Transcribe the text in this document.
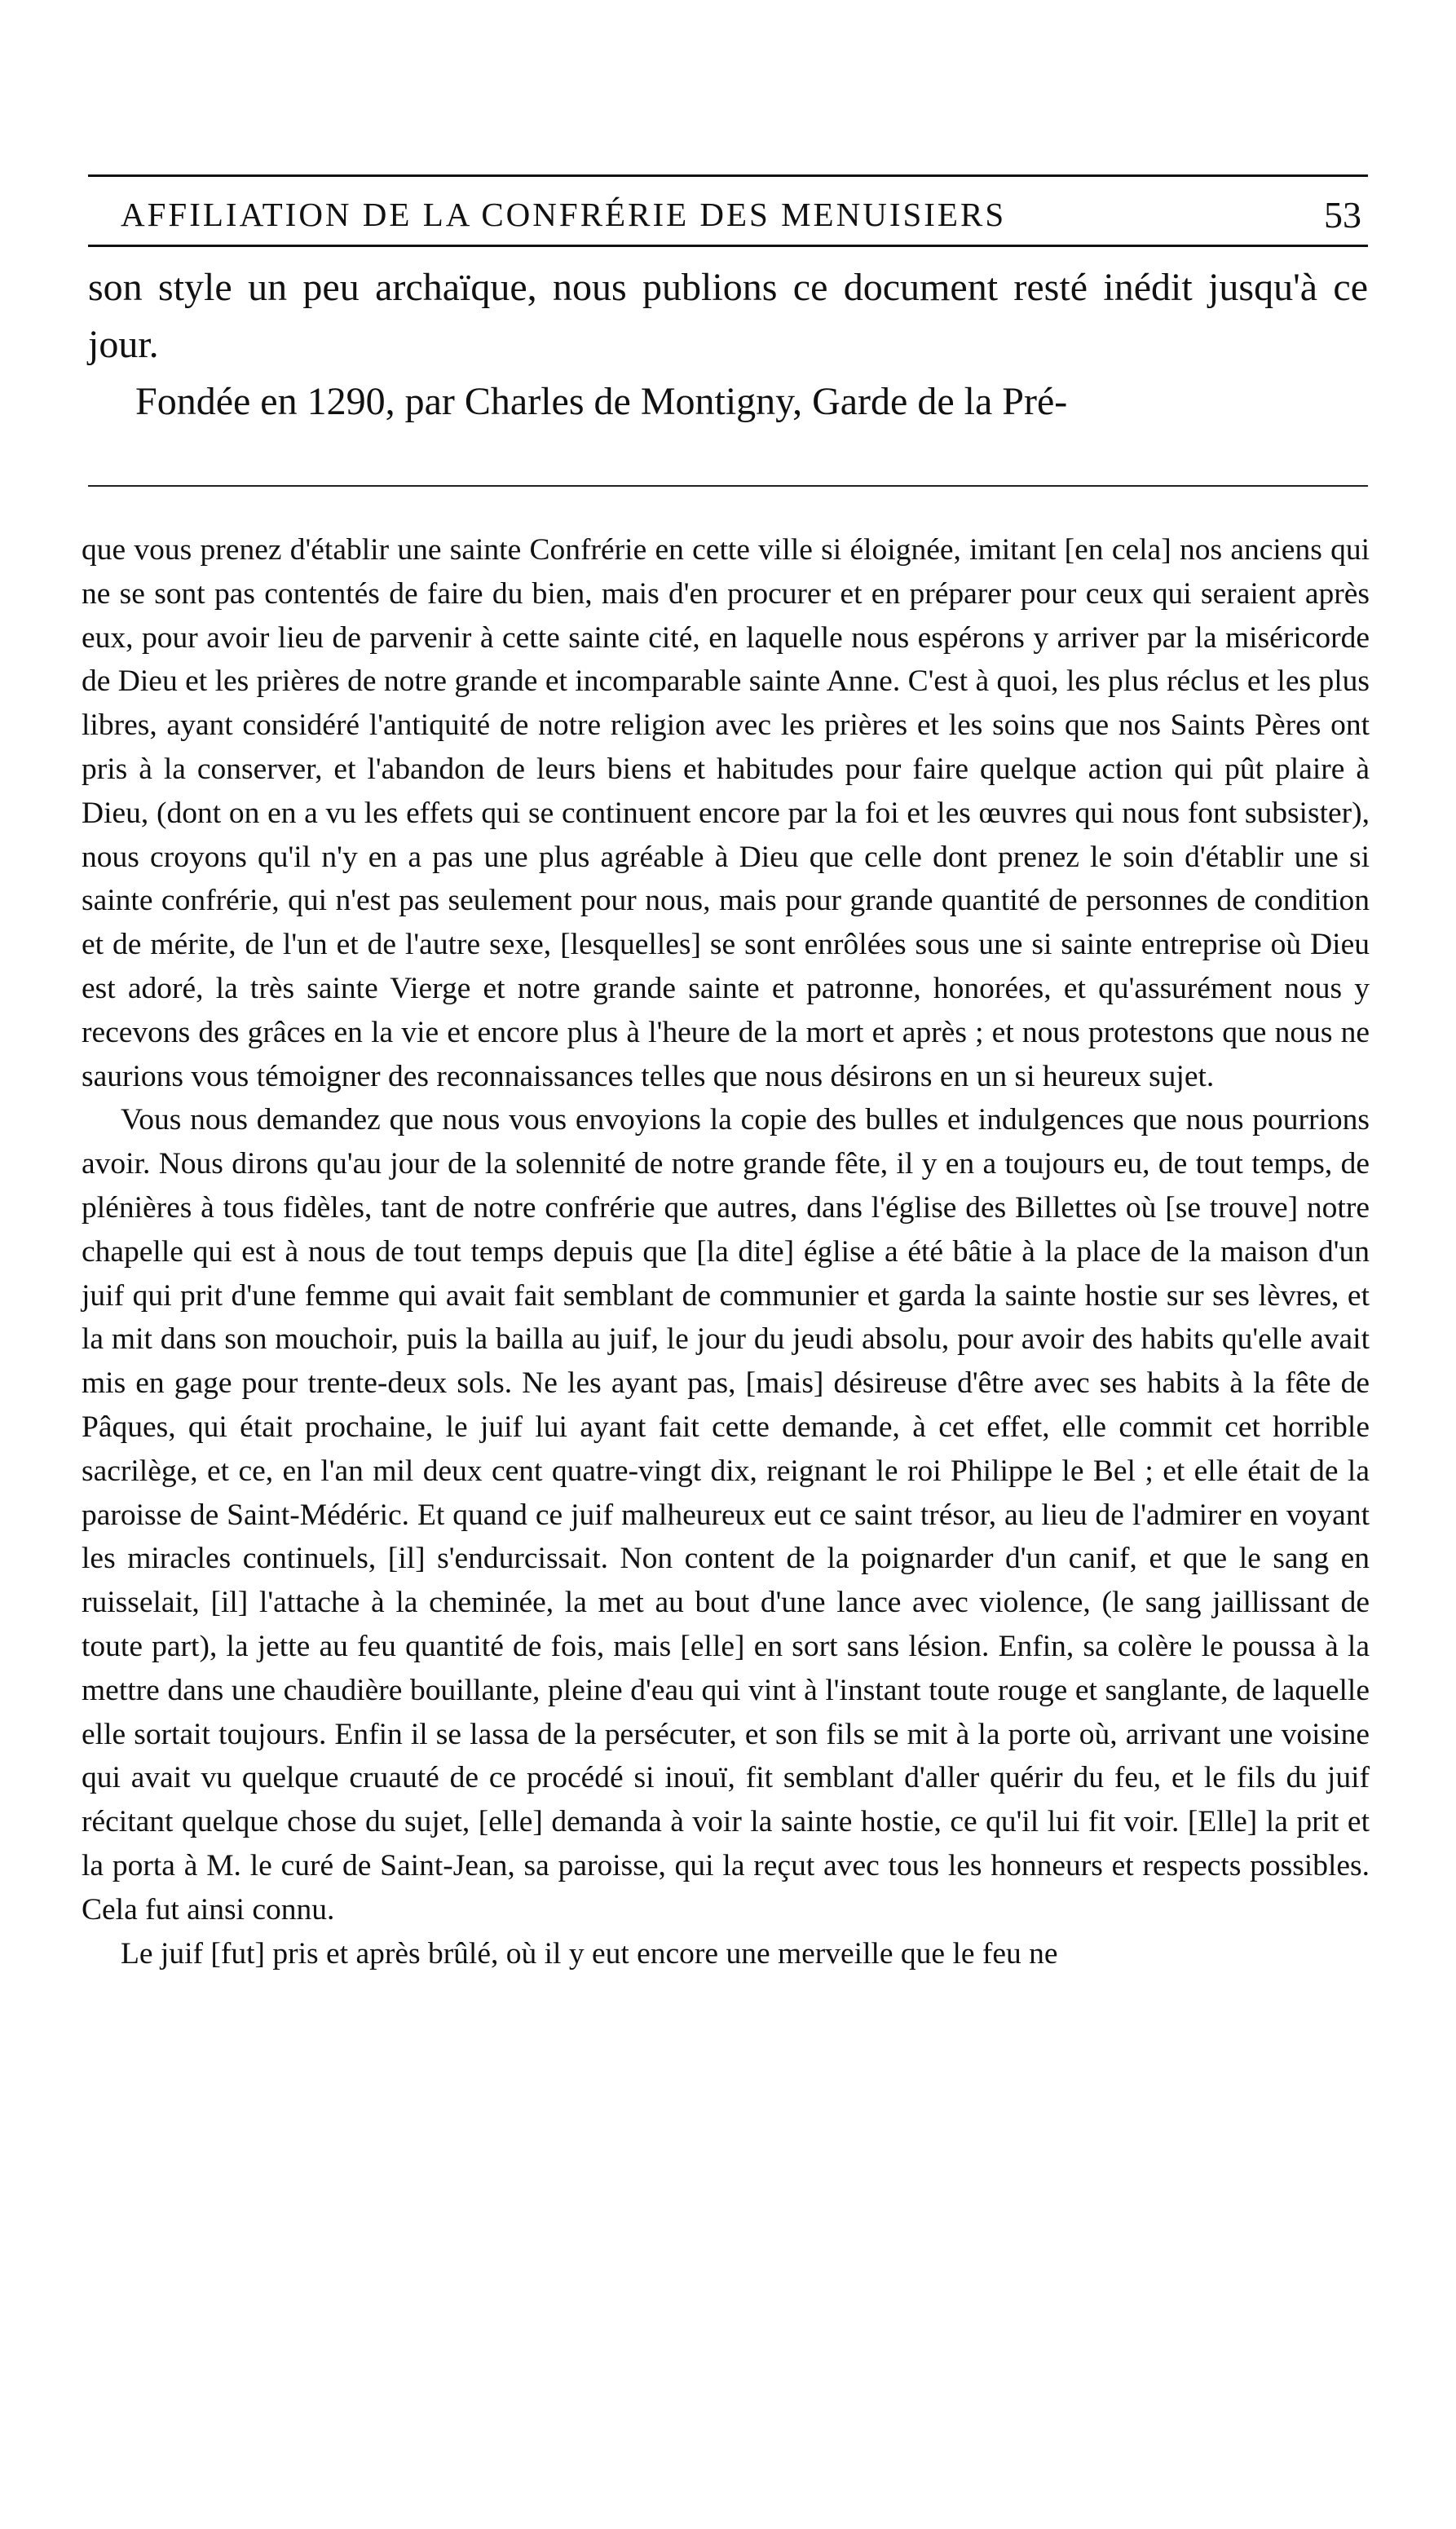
AFFILIATION DE LA CONFRÉRIE DES MENUISIERS	53

son style un peu archaïque, nous publions ce document resté inédit jusqu'à ce jour.

Fondée en 1290, par Charles de Montigny, Garde de la Pré-

que vous prenez d'établir une sainte Confrérie en cette ville si éloignée, imitant [en cela] nos anciens qui ne se sont pas contentés de faire du bien, mais d'en procurer et en préparer pour ceux qui seraient après eux, pour avoir lieu de parvenir à cette sainte cité, en laquelle nous espérons y arriver par la miséricorde de Dieu et les prières de notre grande et incomparable sainte Anne. C'est à quoi, les plus réclus et les plus libres, ayant considéré l'antiquité de notre religion avec les prières et les soins que nos Saints Pères ont pris à la conserver, et l'abandon de leurs biens et habitudes pour faire quelque action qui pût plaire à Dieu, (dont on en a vu les effets qui se continuent encore par la foi et les œuvres qui nous font subsister), nous croyons qu'il n'y en a pas une plus agréable à Dieu que celle dont prenez le soin d'établir une si sainte confrérie, qui n'est pas seulement pour nous, mais pour grande quantité de personnes de condition et de mérite, de l'un et de l'autre sexe, [lesquelles] se sont enrôlées sous une si sainte entreprise où Dieu est adoré, la très sainte Vierge et notre grande sainte et patronne, honorées, et qu'assurément nous y recevons des grâces en la vie et encore plus à l'heure de la mort et après ; et nous protestons que nous ne saurions vous témoigner des reconnaissances telles que nous désirons en un si heureux sujet.

Vous nous demandez que nous vous envoyions la copie des bulles et indulgences que nous pourrions avoir. Nous dirons qu'au jour de la solennité de notre grande fête, il y en a toujours eu, de tout temps, de plénières à tous fidèles, tant de notre confrérie que autres, dans l'église des Billettes où [se trouve] notre chapelle qui est à nous de tout temps depuis que [la dite] église a été bâtie à la place de la maison d'un juif qui prit d'une femme qui avait fait semblant de communier et garda la sainte hostie sur ses lèvres, et la mit dans son mouchoir, puis la bailla au juif, le jour du jeudi absolu, pour avoir des habits qu'elle avait mis en gage pour trente-deux sols. Ne les ayant pas, [mais] désireuse d'être avec ses habits à la fête de Pâques, qui était prochaine, le juif lui ayant fait cette demande, à cet effet, elle commit cet horrible sacrilège, et ce, en l'an mil deux cent quatre-vingt dix, reignant le roi Philippe le Bel ; et elle était de la paroisse de Saint-Médéric. Et quand ce juif malheureux eut ce saint trésor, au lieu de l'admirer en voyant les miracles continuels, [il] s'endurcissait. Non content de la poignarder d'un canif, et que le sang en ruisselait, [il] l'attache à la cheminée, la met au bout d'une lance avec violence, (le sang jaillissant de toute part), la jette au feu quantité de fois, mais [elle] en sort sans lésion. Enfin, sa colère le poussa à la mettre dans une chaudière bouillante, pleine d'eau qui vint à l'instant toute rouge et sanglante, de laquelle elle sortait toujours. Enfin il se lassa de la persécuter, et son fils se mit à la porte où, arrivant une voisine qui avait vu quelque cruauté de ce procédé si inouï, fit semblant d'aller quérir du feu, et le fils du juif récitant quelque chose du sujet, [elle] demanda à voir la sainte hostie, ce qu'il lui fit voir. [Elle] la prit et la porta à M. le curé de Saint-Jean, sa paroisse, qui la reçut avec tous les honneurs et respects possibles. Cela fut ainsi connu.

Le juif [fut] pris et après brûlé, où il y eut encore une merveille que le feu ne
